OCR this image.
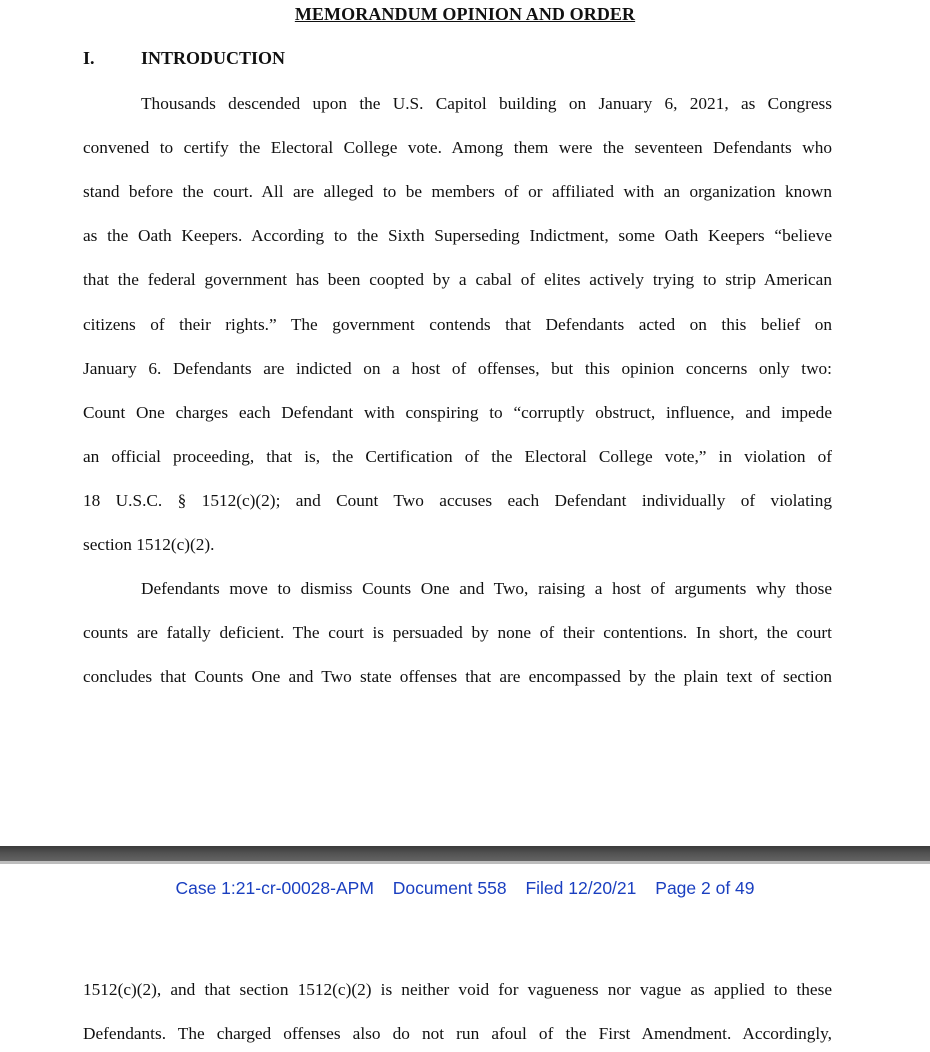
MEMORANDUM OPINION AND ORDER
I.	INTRODUCTION
Thousands descended upon the U.S. Capitol building on January 6, 2021, as Congress
convened to certify the Electoral College vote. Among them were the seventeen Defendants who
stand before the court. All are alleged to be members of or affiliated with an organization known
as the Oath Keepers. According to the Sixth Superseding Indictment, some Oath Keepers “believe
that the federal government has been coopted by a cabal of elites actively trying to strip American
citizens of their rights.” The government contends that Defendants acted on this belief on
January 6. Defendants are indicted on a host of offenses, but this opinion concerns only two:
Count One charges each Defendant with conspiring to “corruptly obstruct, influence, and impede
an official proceeding, that is, the Certification of the Electoral College vote,” in violation of
18 U.S.C. § 1512(c)(2); and Count Two accuses each Defendant individually of violating
section 1512(c)(2).
Defendants move to dismiss Counts One and Two, raising a host of arguments why those
counts are fatally deficient. The court is persuaded by none of their contentions. In short, the court
concludes that Counts One and Two state offenses that are encompassed by the plain text of section
Case 1:21-cr-00028-APM Document 558 Filed 12/20/21 Page 2 of 49
1512(c)(2), and that section 1512(c)(2) is neither void for vagueness nor vague as applied to these
Defendants. The charged offenses also do not run afoul of the First Amendment. Accordingly,
